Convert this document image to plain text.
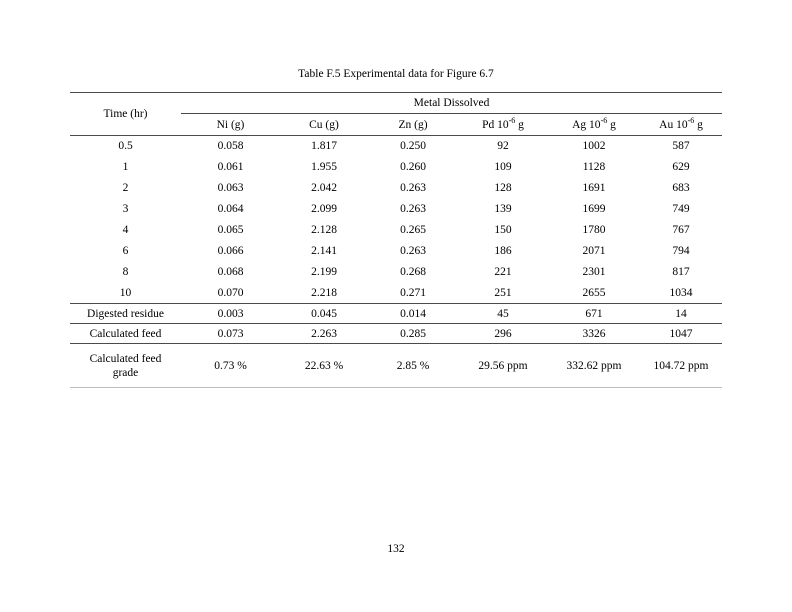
Table F.5 Experimental data for Figure 6.7
Time (hr)	Metal Dissolved					
	Ni (g)	Cu (g)	Zn (g)	Pd $10^{-6}$ g	Ag $10^{-6}$ g	Au $10^{-6}$ g
0.5	0.058	1.817	0.250	92	1002	587
1	0.061	1.955	0.260	109	1128	629
2	0.063	2.042	0.263	128	1691	683
3	0.064	2.099	0.263	139	1699	749
4	0.065	2.128	0.265	150	1780	767
6	0.066	2.141	0.263	186	2071	794
8	0.068	2.199	0.268	221	2301	817
10	0.070	2.218	0.271	251	2655	1034
Digested residue	0.003	0.045	0.014	45	671	14
Calculated feed	0.073	2.263	0.285	296	3326	1047
Calculated feed grade	0.73 %	22.63 %	2.85 %	29.56 ppm	332.62 ppm	104.72 ppm
132
